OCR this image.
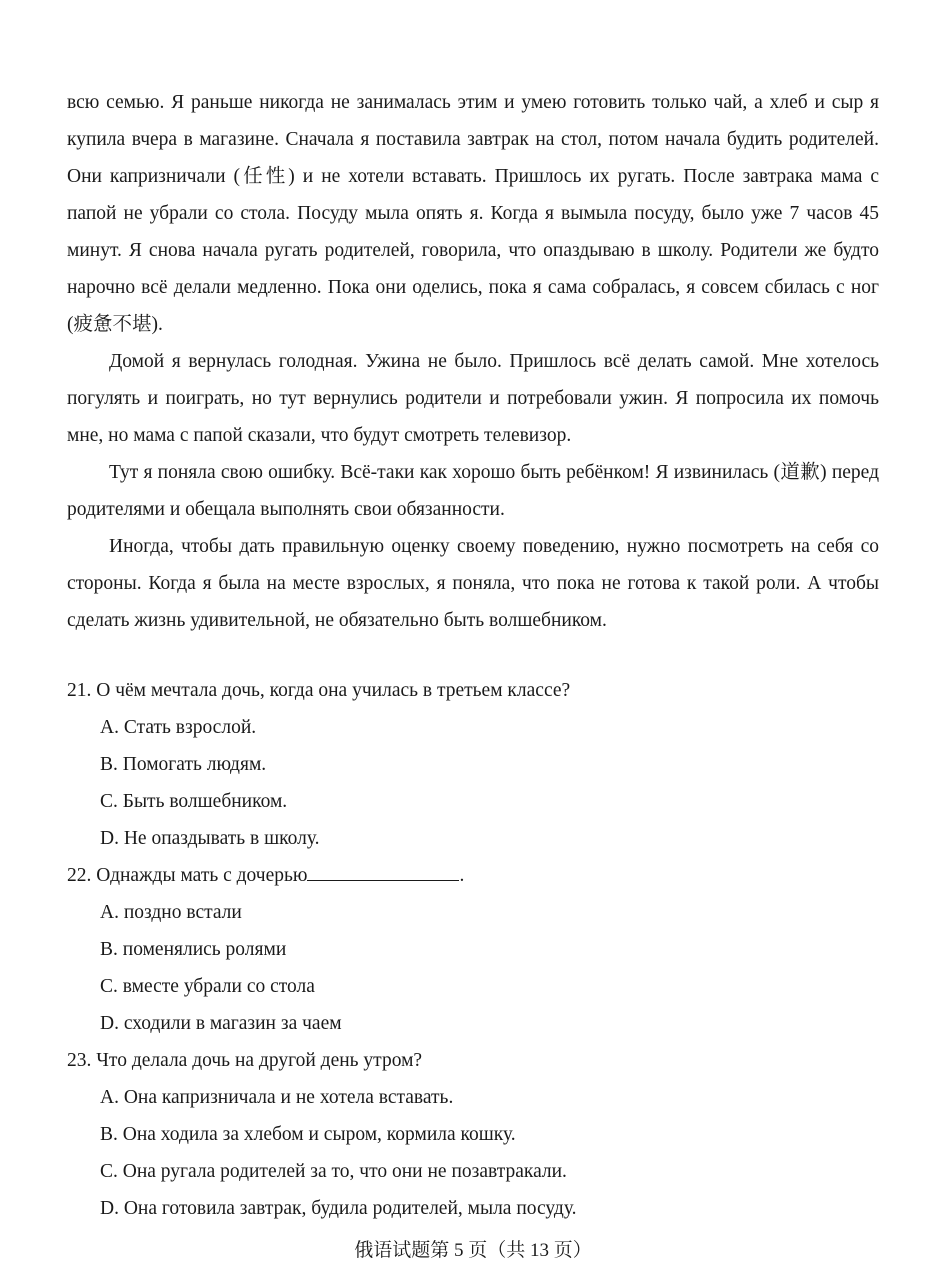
всю семью. Я раньше никогда не занималась этим и умею готовить только чай, а хлеб и сыр я купила вчера в магазине. Сначала я поставила завтрак на стол, потом начала будить родителей. Они капризничали (任性) и не хотели вставать. Пришлось их ругать. После завтрака мама с папой не убрали со стола. Посуду мыла опять я. Когда я вымыла посуду, было уже 7 часов 45 минут. Я снова начала ругать родителей, говорила, что опаздываю в школу. Родители же будто нарочно всё делали медленно. Пока они оделись, пока я сама собралась, я совсем сбилась с ног (疲惫不堪).

Домой я вернулась голодная. Ужина не было. Пришлось всё делать самой. Мне хотелось погулять и поиграть, но тут вернулись родители и потребовали ужин. Я попросила их помочь мне, но мама с папой сказали, что будут смотреть телевизор.

Тут я поняла свою ошибку. Всё-таки как хорошо быть ребёнком! Я извинилась (道歉) перед родителями и обещала выполнять свои обязанности.

Иногда, чтобы дать правильную оценку своему поведению, нужно посмотреть на себя со стороны. Когда я была на месте взрослых, я поняла, что пока не готова к такой роли. А чтобы сделать жизнь удивительной, не обязательно быть волшебником.

21. О чём мечтала дочь, когда она училась в третьем классе?

A. Стать взрослой.

B. Помогать людям.

C. Быть волшебником.

D. Не опаздывать в школу.

22. Однажды мать с дочерью	.

A. поздно встали

B. поменялись ролями

C. вместе убрали со стола

D. сходили в магазин за чаем

23. Что делала дочь на другой день утром?

A. Она капризничала и не хотела вставать.

B. Она ходила за хлебом и сыром, кормила кошку.

C. Она ругала родителей за то, что они не позавтракали.

D. Она готовила завтрак, будила родителей, мыла посуду.

俄语试题第 5 页（共 13 页）
